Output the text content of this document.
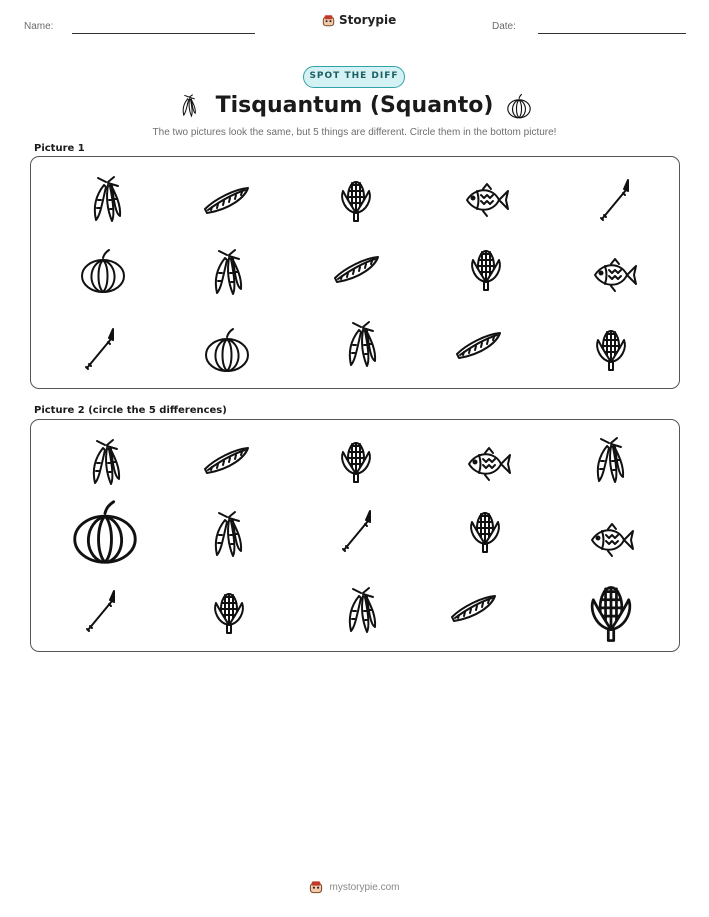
Name:	Storypie	Date:
SPOT THE DIFF
Tisquantum (Squanto)
The two pictures look the same, but 5 things are different. Circle them in the bottom picture!
Picture 1
Picture 2 (circle the 5 differences)
mystorypie.com
